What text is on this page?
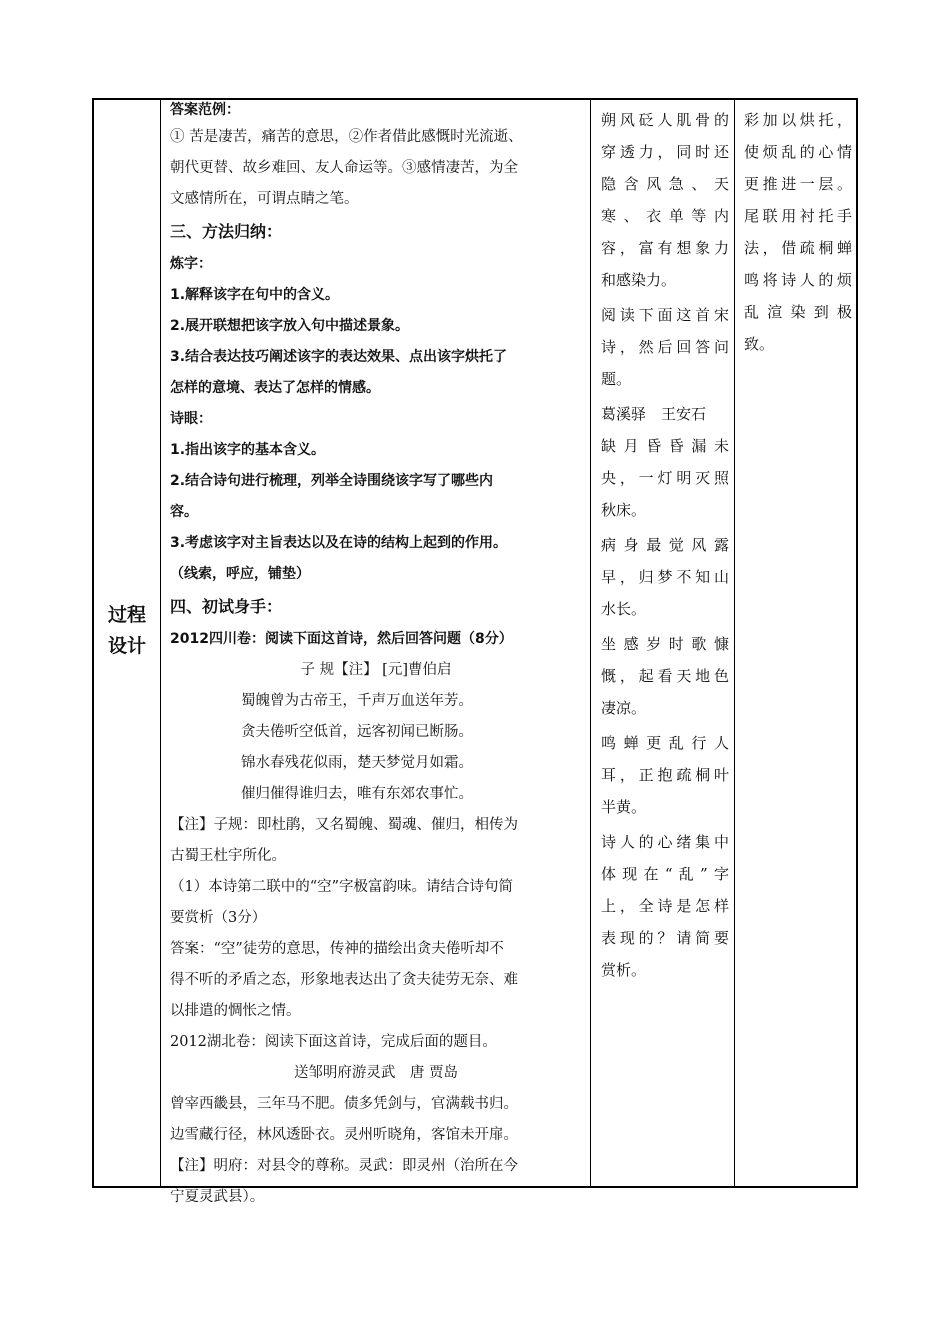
过程
设计
答案范例：
① 苦是凄苦，痛苦的意思，②作者借此感慨时光流逝、
朝代更替、故乡难回、友人命运等。③感情凄苦，为全
文感情所在，可谓点睛之笔。
三、方法归纳：
炼字：
1.解释该字在句中的含义。
2.展开联想把该字放入句中描述景象。
3.结合表达技巧阐述该字的表达效果、点出该字烘托了
怎样的意境、表达了怎样的情感。
诗眼：
1.指出该字的基本含义。
2.结合诗句进行梳理，列举全诗围绕该字写了哪些内
容。
3.考虑该字对主旨表达以及在诗的结构上起到的作用。
（线索，呼应，铺垫）
四、初试身手：
2012四川卷：阅读下面这首诗，然后回答问题（8分）
子 规【注】 [元]曹伯启
蜀魄曾为古帝王，千声万血送年芳。
贪夫倦听空低首，远客初闻已断肠。
锦水春残花似雨，楚天梦觉月如霜。
催归催得谁归去，唯有东郊农事忙。
【注】子规：即杜鹃，又名蜀魄、蜀魂、催归，相传为
古蜀王杜宇所化。
（1）本诗第二联中的“空”字极富韵味。请结合诗句简
要赏析（3分）
答案：“空”徒劳的意思，传神的描绘出贪夫倦听却不
得不听的矛盾之态，形象地表达出了贪夫徒劳无奈、难
以排遣的惆怅之情。
2012湖北卷：阅读下面这首诗，完成后面的题目。
送邹明府游灵武　唐 贾岛
曾宰西畿县，三年马不肥。债多凭剑与，官满载书归。
边雪藏行径，林风透卧衣。灵州听晓角，客馆未开扉。
【注】明府：对县令的尊称。灵武：即灵州（治所在今
宁夏灵武县）。
朔风砭人肌骨的
穿透力，同时还
隐含风急、天
寒、衣单等内
容，富有想象力
和感染力。
阅读下面这首宋
诗，然后回答问
题。
葛溪驿　王安石
缺月昏昏漏未
央，一灯明灭照
秋床。
病身最觉风露
早，归梦不知山
水长。
坐感岁时歌慷
慨，起看天地色
凄凉。
鸣蝉更乱行人
耳，正抱疏桐叶
半黄。
诗人的心绪集中
体现在“乱”字
上，全诗是怎样
表现的？请简要
赏析。
彩加以烘托，
使烦乱的心情
更推进一层。
尾联用衬托手
法，借疏桐蝉
鸣将诗人的烦
乱渲染到极
致。
